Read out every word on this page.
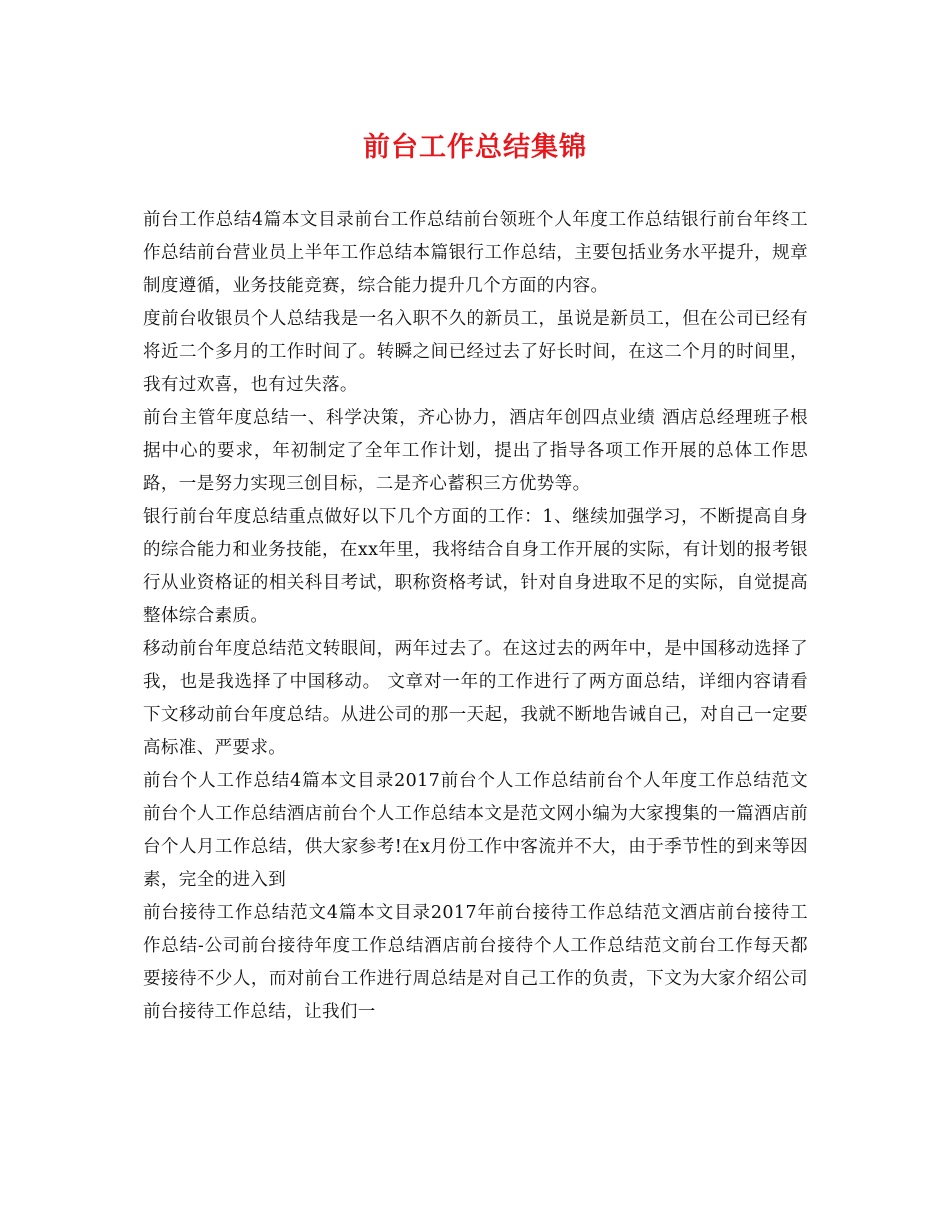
前台工作总结集锦

前台工作总结4篇本文目录前台工作总结前台领班个人年度工作总结银行前台年终工作总结前台营业员上半年工作总结本篇银行工作总结，主要包括业务水平提升，规章制度遵循，业务技能竞赛，综合能力提升几个方面的内容。

度前台收银员个人总结我是一名入职不久的新员工，虽说是新员工，但在公司已经有将近二个多月的工作时间了。转瞬之间已经过去了好长时间，在这二个月的时间里，我有过欢喜，也有过失落。

前台主管年度总结一、科学决策，齐心协力，酒店年创四点业绩 酒店总经理班子根据中心的要求，年初制定了全年工作计划，提出了指导各项工作开展的总体工作思路，一是努力实现三创目标，二是齐心蓄积三方优势等。

银行前台年度总结重点做好以下几个方面的工作：1、继续加强学习，不断提高自身的综合能力和业务技能，在xx年里，我将结合自身工作开展的实际，有计划的报考银行从业资格证的相关科目考试，职称资格考试，针对自身进取不足的实际，自觉提高整体综合素质。

移动前台年度总结范文转眼间，两年过去了。在这过去的两年中，是中国移动选择了我，也是我选择了中国移动。 文章对一年的工作进行了两方面总结，详细内容请看下文移动前台年度总结。从进公司的那一天起，我就不断地告诫自己，对自己一定要高标准、严要求。

前台个人工作总结4篇本文目录2017前台个人工作总结前台个人年度工作总结范文前台个人工作总结酒店前台个人工作总结本文是范文网小编为大家搜集的一篇酒店前台个人月工作总结，供大家参考!在x月份工作中客流并不大，由于季节性的到来等因素，完全的进入到

前台接待工作总结范文4篇本文目录2017年前台接待工作总结范文酒店前台接待工作总结-公司前台接待年度工作总结酒店前台接待个人工作总结范文前台工作每天都要接待不少人，而对前台工作进行周总结是对自己工作的负责，下文为大家介绍公司前台接待工作总结，让我们一
